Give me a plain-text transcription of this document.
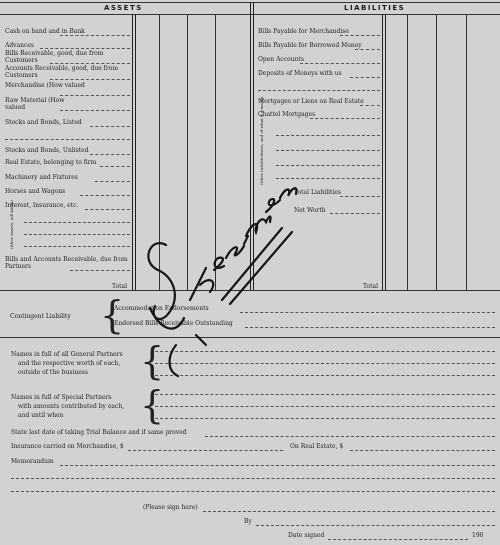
ASSETS	LIABILITIES
Cash on hand and in Bank
Advances
Bills Receivable, good, due from Customers
Accounts Receivable, good, due from Customers
Merchandise (How valued
Raw Material (How valued
Stocks and Bonds, Listed
Stocks and Bonds, Unlisted
Real Estate, belonging to firm
Machinery and Fixtures
Horses and Wagons
Interest, Insurance, etc.
Bills and Accounts Receivable, due from Partners
Other Assets, (all kinds)
Total
Bills Payable for Merchandise
Bills Payable for Borrowed Money
Open Accounts
Deposits of Moneys with us
Mortgages or Liens on Real Estate
Chattel Mortgages
Other Indebtedness, and of what it consists
Total Liabilities
Net Worth
Total
Contingent Liability {
Accommodation Endorsements
Endorsed Bills Receivable Outstanding
Names in full of all General Partners
and the respective worth of each,
outside of the business {
Names in full of Special Partners
with amounts contributed by each,
and until when {
State last date of taking Trial Balance and if same proved
Insurance carried on Merchandise, $	On Real Estate, $
Memorandum
(Please sign here)
By
Date signed	190
